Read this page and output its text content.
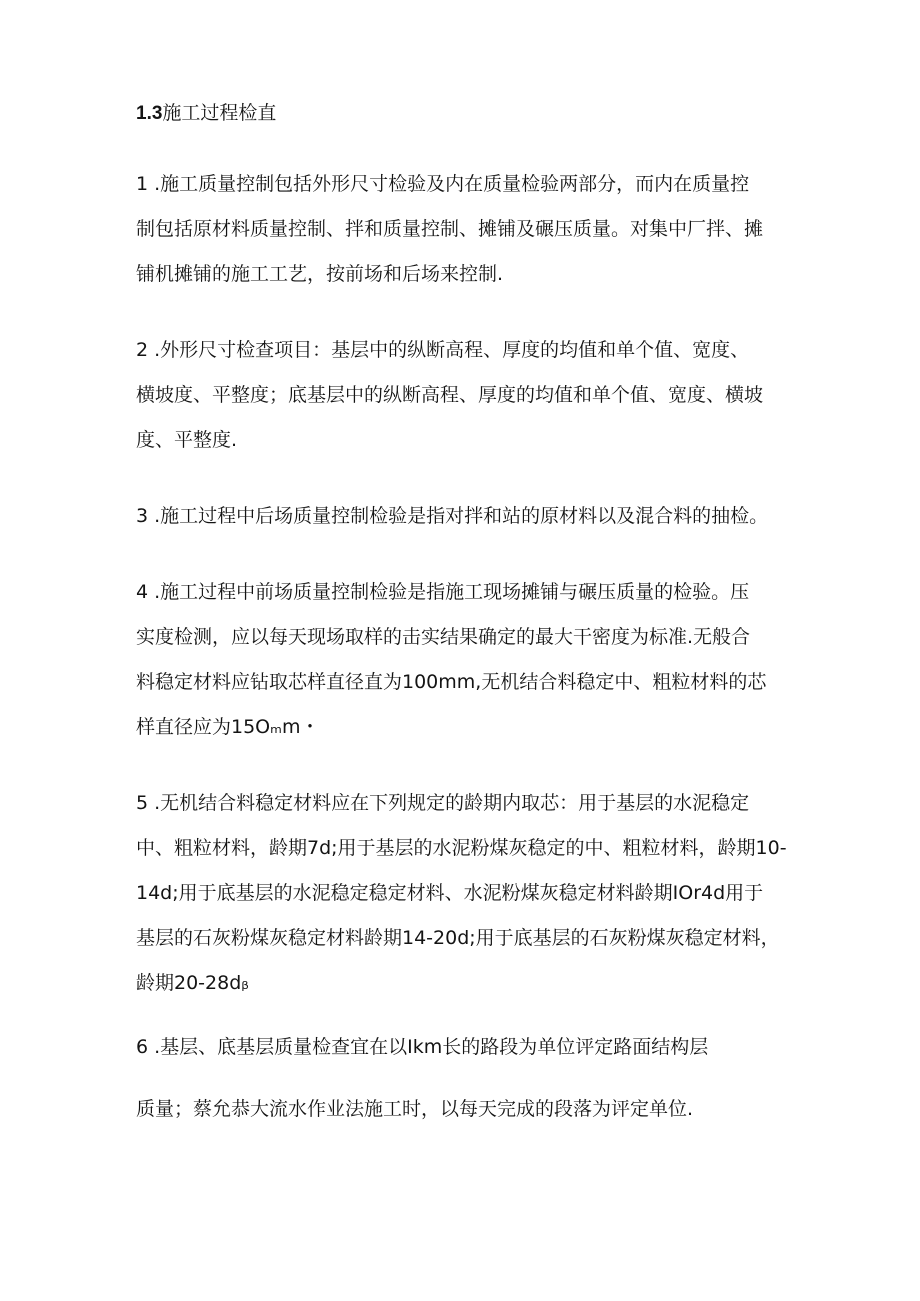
1.3施工过程检直
1 .施工质量控制包括外形尺寸检验及内在质量检验两部分，而内在质量控
制包括原材料质量控制、拌和质量控制、摊铺及碾压质量。对集中厂拌、摊
铺机摊铺的施工工艺，按前场和后场来控制.
2 .外形尺寸检查项目：基层中的纵断高程、厚度的均值和单个值、宽度、
横坡度、平整度；底基层中的纵断高程、厚度的均值和单个值、宽度、横坡
度、平整度.
3 .施工过程中后场质量控制检验是指对拌和站的原材料以及混合料的抽检。
4 .施工过程中前场质量控制检验是指施工现场摊铺与碾压质量的检验。压
实度检测，应以每天现场取样的击实结果确定的最大干密度为标准.无般合
料稳定材料应钻取芯样直径直为100mm,无机结合料稳定中、粗粒材料的芯
样直径应为15Oₘm・
5 .无机结合料稳定材料应在下列规定的龄期内取芯：用于基层的水泥稳定
中、粗粒材料，龄期7d;用于基层的水泥粉煤灰稳定的中、粗粒材料，龄期10-
14d;用于底基层的水泥稳定稳定材料、水泥粉煤灰稳定材料龄期IOr4d用于
基层的石灰粉煤灰稳定材料龄期14-20d;用于底基层的石灰粉煤灰稳定材料，
龄期20-28dᵦ
6 .基层、底基层质量检查宜在以Ikm长的路段为单位评定路面结构层
质量；蔡允恭大流水作业法施工时，以每天完成的段落为评定单位.
